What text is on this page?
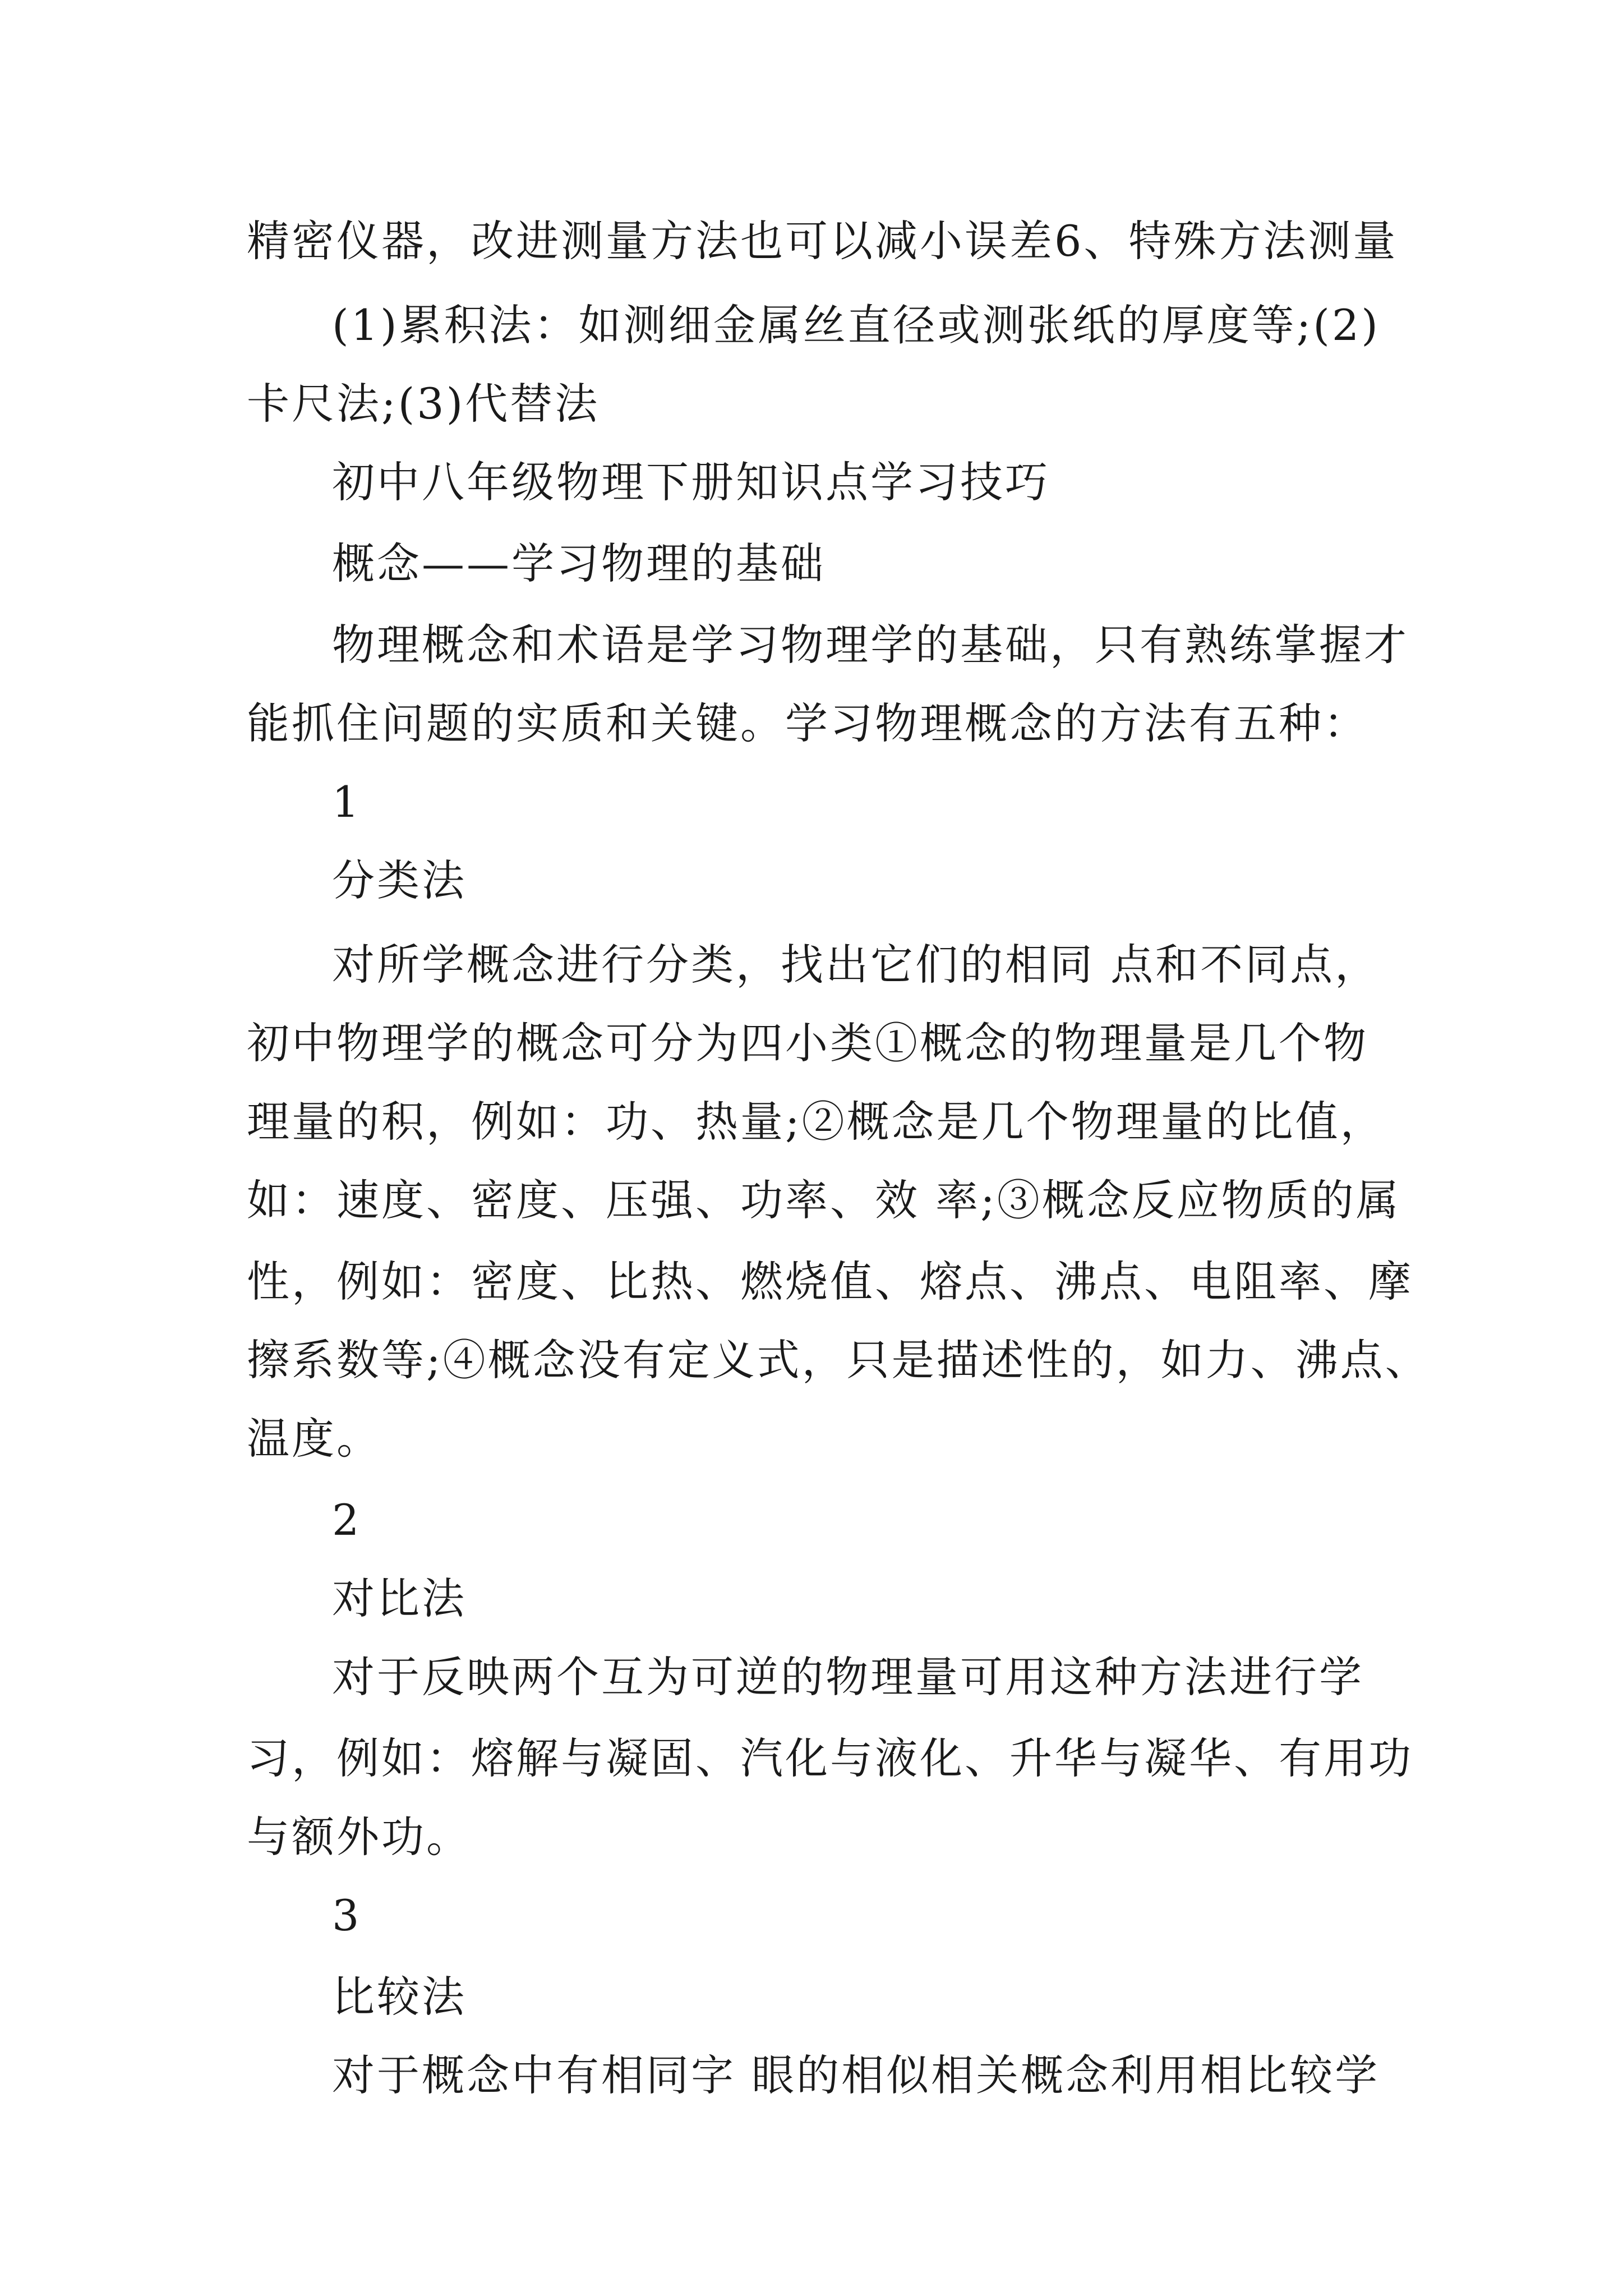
精密仪器，改进测量方法也可以减小误差6、特殊方法测量
(1)累积法：如测细金属丝直径或测张纸的厚度等;(2)
卡尺法;(3)代替法
初中八年级物理下册知识点学习技巧
概念——学习物理的基础
物理概念和术语是学习物理学的基础，只有熟练掌握才
能抓住问题的实质和关键。学习物理概念的方法有五种：
1
分类法
对所学概念进行分类，找出它们的相同 点和不同点，
初中物理学的概念可分为四小类①概念的物理量是几个物
理量的积，例如：功、热量;②概念是几个物理量的比值，
如：速度、密度、压强、功率、效 率;③概念反应物质的属
性，例如：密度、比热、燃烧值、熔点、沸点、电阻率、摩
擦系数等;④概念没有定义式，只是描述性的，如力、沸点、
温度。
2
对比法
对于反映两个互为可逆的物理量可用这种方法进行学
习，例如：熔解与凝固、汽化与液化、升华与凝华、有用功
与额外功。
3
比较法
对于概念中有相同字 眼的相似相关概念利用相比较学
